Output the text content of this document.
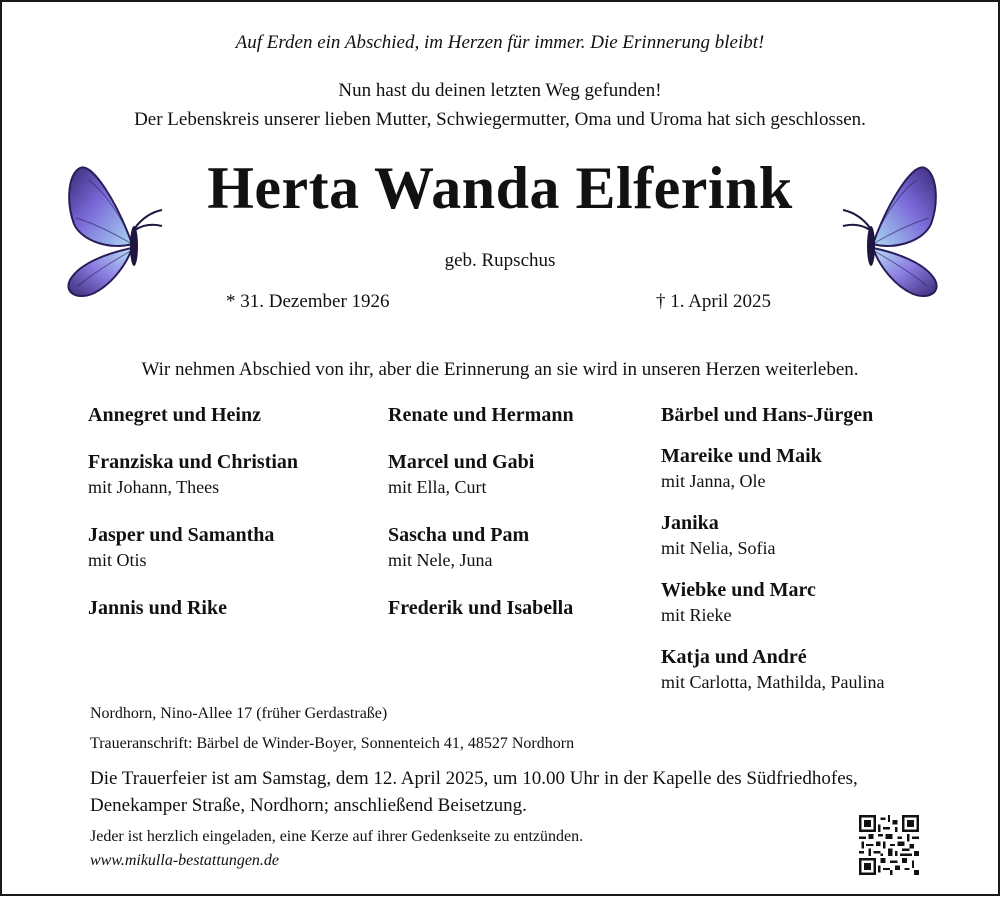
Auf Erden ein Abschied, im Herzen für immer. Die Erinnerung bleibt!
Nun hast du deinen letzten Weg gefunden!
Der Lebenskreis unserer lieben Mutter, Schwiegermutter, Oma und Uroma hat sich geschlossen.
Herta Wanda Elferink
geb. Rupschus
* 31. Dezember 1926	† 1. April 2025
Wir nehmen Abschied von ihr, aber die Erinnerung an sie wird in unseren Herzen weiterleben.
Annegret und Heinz
Franziska und Christian
mit Johann, Thees
Jasper und Samantha
mit Otis
Jannis und Rike
Renate und Hermann
Marcel und Gabi
mit Ella, Curt
Sascha und Pam
mit Nele, Juna
Frederik und Isabella
Bärbel und Hans-Jürgen
Mareike und Maik
mit Janna, Ole
Janika
mit Nelia, Sofia
Wiebke und Marc
mit Rieke
Katja und André
mit Carlotta, Mathilda, Paulina
Nordhorn, Nino-Allee 17 (früher Gerdastraße)
Traueranschrift: Bärbel de Winder-Boyer, Sonnenteich 41, 48527 Nordhorn
Die Trauerfeier ist am Samstag, dem 12. April 2025, um 10.00 Uhr in der Kapelle des Südfriedhofes,
Denekamper Straße, Nordhorn; anschließend Beisetzung.
Jeder ist herzlich eingeladen, eine Kerze auf ihrer Gedenkseite zu entzünden.
www.mikulla-bestattungen.de
